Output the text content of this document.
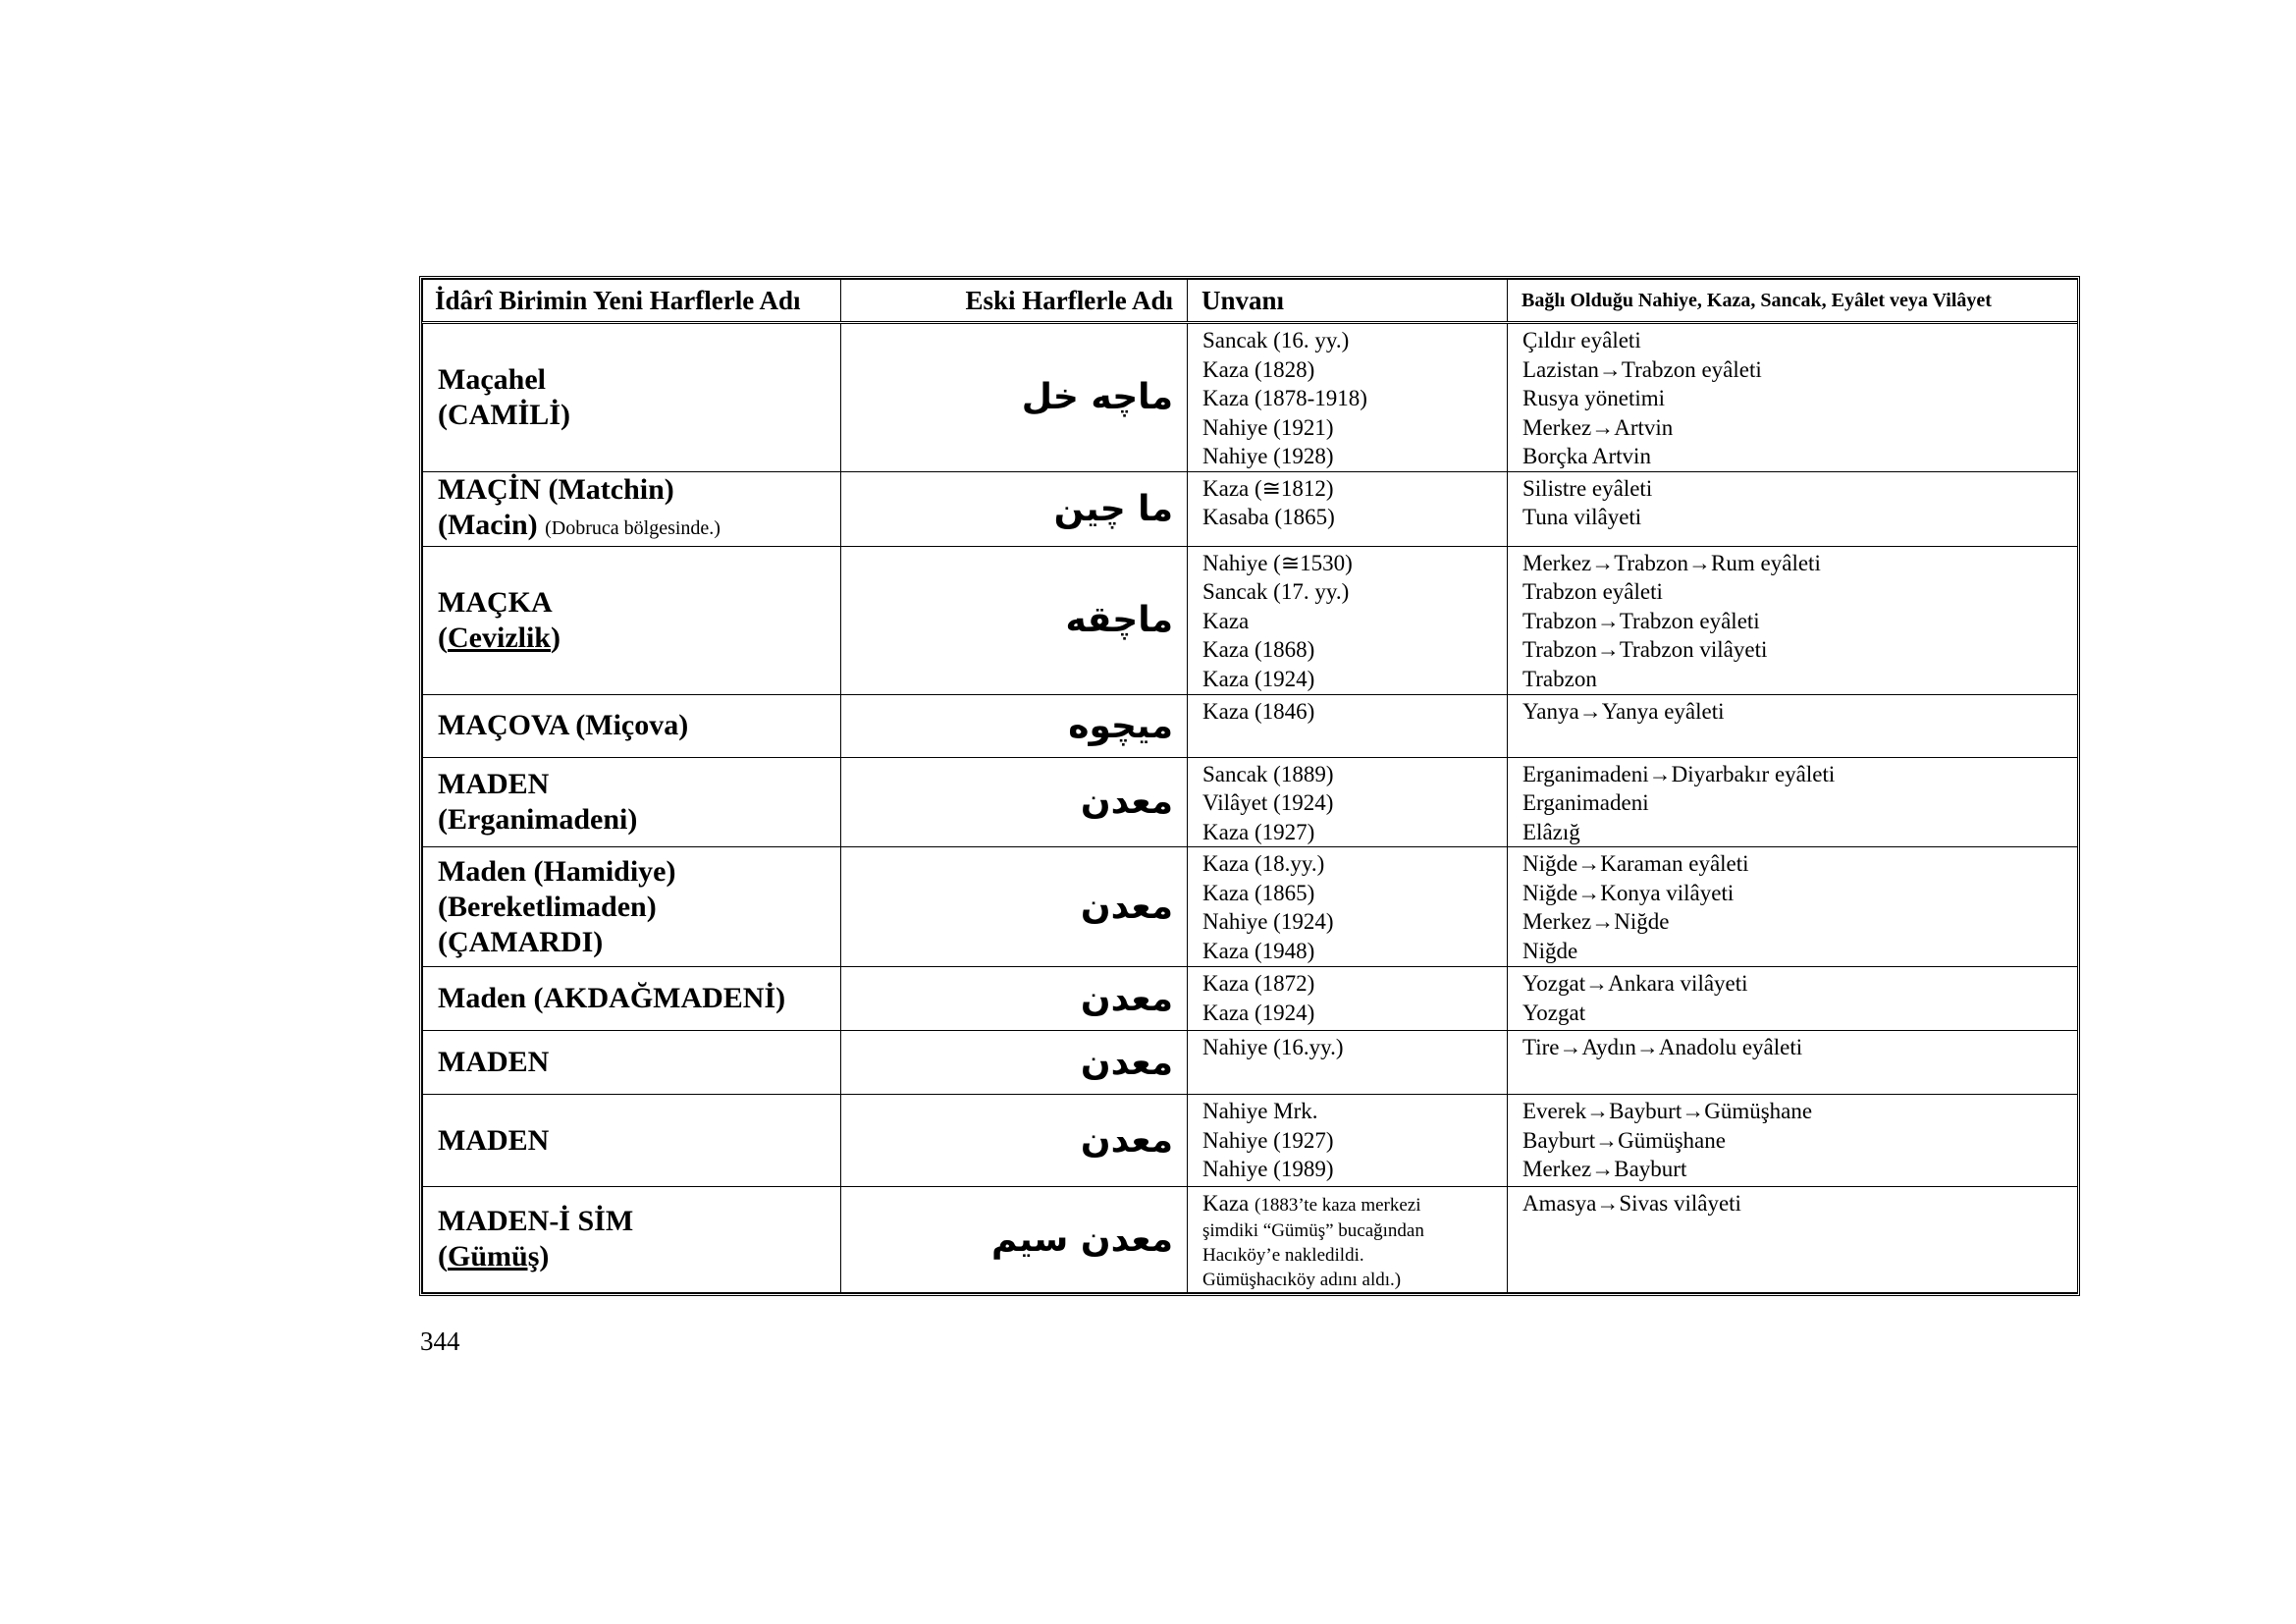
İdârî Birimin Yeni Harflerle Adı	Eski Harflerle Adı	Unvanı	Bağlı Olduğu Nahiye, Kaza, Sancak, Eyâlet veya Vilâyet

Maçahel
(CAMİLİ)	ماچه خل	Sancak (16. yy.)
Kaza (1828)
Kaza (1878-1918)
Nahiye (1921)
Nahiye (1928)	Çıldır eyâleti
Lazistan→Trabzon eyâleti
Rusya yönetimi
Merkez→Artvin
Borçka Artvin

MAÇİN (Matchin)
(Macin) (Dobruca bölgesinde.)	ما چين	Kaza (≅1812)
Kasaba (1865)	Silistre eyâleti
Tuna vilâyeti

MAÇKA
(Cevizlik)	ماچقه	Nahiye (≅1530)
Sancak (17. yy.)
Kaza
Kaza (1868)
Kaza (1924)	Merkez→Trabzon→Rum eyâleti
Trabzon eyâleti
Trabzon→Trabzon eyâleti
Trabzon→Trabzon vilâyeti
Trabzon

MAÇOVA (Miçova)	ميچوه	Kaza (1846)	Yanya→Yanya eyâleti

MADEN
(Erganimadeni)	معدن	Sancak (1889)
Vilâyet (1924)
Kaza (1927)	Erganimadeni→Diyarbakır eyâleti
Erganimadeni
Elâzığ

Maden (Hamidiye)
(Bereketlimaden)
(ÇAMARDI)	معدن	Kaza (18.yy.)
Kaza (1865)
Nahiye (1924)
Kaza (1948)	Niğde→Karaman eyâleti
Niğde→Konya vilâyeti
Merkez→Niğde
Niğde

Maden (AKDAĞMADENİ)	معدن	Kaza (1872)
Kaza (1924)	Yozgat→Ankara vilâyeti
Yozgat

MADEN	معدن	Nahiye (16.yy.)	Tire→Aydın→Anadolu eyâleti

MADEN	معدن	Nahiye Mrk.
Nahiye (1927)
Nahiye (1989)	Everek→Bayburt→Gümüşhane
Bayburt→Gümüşhane
Merkez→Bayburt

MADEN-İ SİM
(Gümüş)	معدن سيم	Kaza (1883’te kaza merkezi
şimdiki “Gümüş” bucağından
Hacıköy’e nakledildi.
Gümüşhacıköy adını aldı.)	Amasya→Sivas vilâyeti
344
